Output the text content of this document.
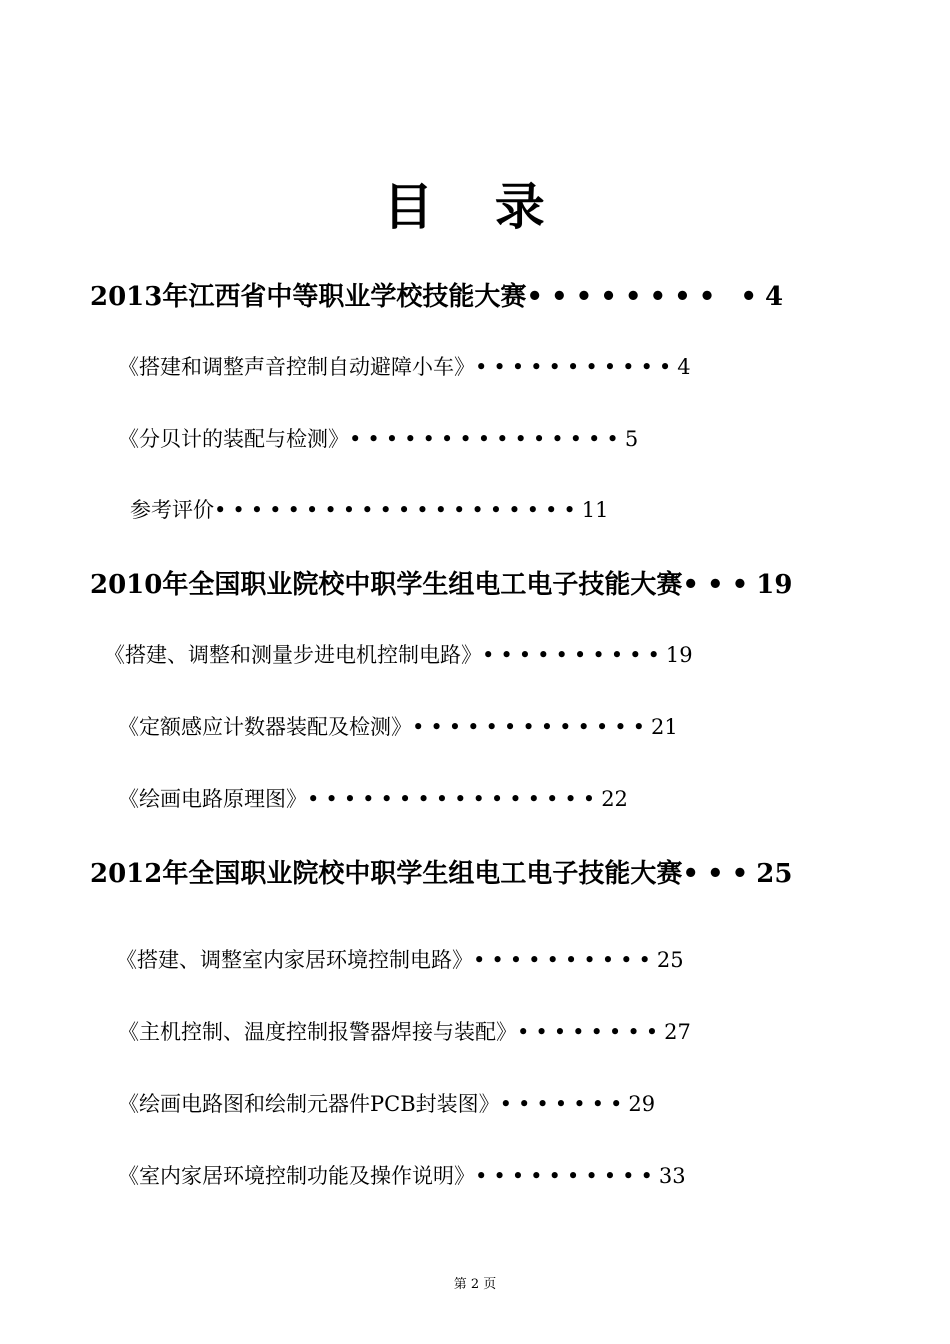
目 录
2013年江西省中等职业学校技能大赛•••••••• •4
《搭建和调整声音控制自动避障小车》•••••••••••4
《分贝计的装配与检测》•••••••••••••••5
参考评价••••••••••••••••••••11
2010年全国职业院校中职学生组电工电子技能大赛•••19
《搭建、调整和测量步进电机控制电路》••••••••••19
《定额感应计数器装配及检测》•••••••••••••21
《绘画电路原理图》••••••••••••••••22
2012年全国职业院校中职学生组电工电子技能大赛•••25
《搭建、调整室内家居环境控制电路》••••••••••25
《主机控制、温度控制报警器焊接与装配》••••••••27
《绘画电路图和绘制元器件PCB封装图》•••••••29
《室内家居环境控制功能及操作说明》••••••••••33
第 2 页
